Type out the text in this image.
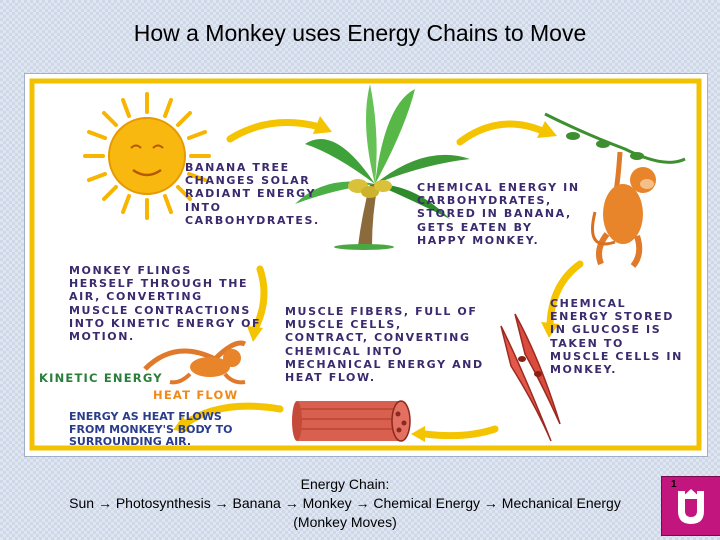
How a Monkey uses Energy Chains to Move
BANANA TREE
CHANGES SOLAR
RADIANT ENERGY
INTO
CARBOHYDRATES.
CHEMICAL ENERGY IN
CARBOHYDRATES,
STORED IN BANANA,
GETS EATEN BY
HAPPY MONKEY.
CHEMICAL
ENERGY STORED
IN GLUCOSE IS
TAKEN TO
MUSCLE CELLS IN
MONKEY.
MUSCLE FIBERS, FULL OF
MUSCLE CELLS,
CONTRACT, CONVERTING
CHEMICAL INTO
MECHANICAL ENERGY AND
HEAT FLOW.
MONKEY FLINGS
HERSELF THROUGH THE
AIR, CONVERTING
MUSCLE CONTRACTIONS
INTO KINETIC ENERGY OF
MOTION.
KINETIC ENERGY
HEAT FLOW
ENERGY AS HEAT FLOWS
FROM MONKEY'S BODY TO
SURROUNDING AIR.
Energy Chain:
Sun → Photosynthesis → Banana → Monkey → Chemical Energy → Mechanical Energy
(Monkey Moves)
1
